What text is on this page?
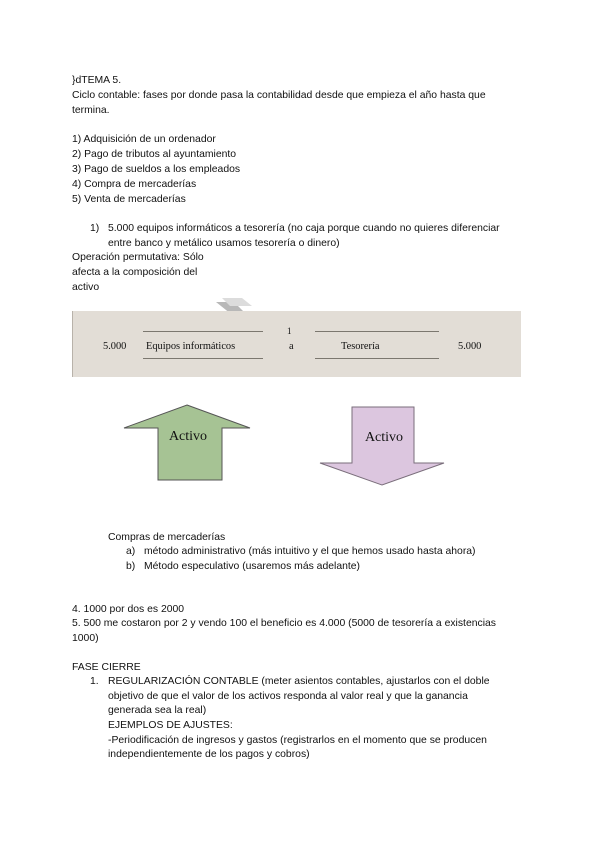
}dTEMA 5.
Ciclo contable: fases por donde pasa la contabilidad desde que empieza el año hasta que
termina.
1) Adquisición de un ordenador
2) Pago de tributos al ayuntamiento
3) Pago de sueldos a los empleados
4) Compra de mercaderías
5) Venta de mercaderías
1) 5.000 equipos informáticos a tesorería (no caja porque cuando no quieres diferenciar
entre banco y metálico usamos tesorería o dinero)
Operación permutativa: Sólo
afecta a la composición del
activo
1
5.000 Equipos informáticos	a	Tesorería	5.000
Activo	Activo
Compras de mercaderías
a) método administrativo (más intuitivo y el que hemos usado hasta ahora)
b) Método especulativo (usaremos más adelante)
4. 1000 por dos es 2000
5. 500 me costaron por 2 y vendo 100 el beneficio es 4.000 (5000 de tesorería a existencias
1000)
FASE CIERRE
1. REGULARIZACIÓN CONTABLE (meter asientos contables, ajustarlos con el doble
objetivo de que el valor de los activos responda al valor real y que la ganancia
generada sea la real)
EJEMPLOS DE AJUSTES:
-Periodificación de ingresos y gastos (registrarlos en el momento que se producen
independientemente de los pagos y cobros)
